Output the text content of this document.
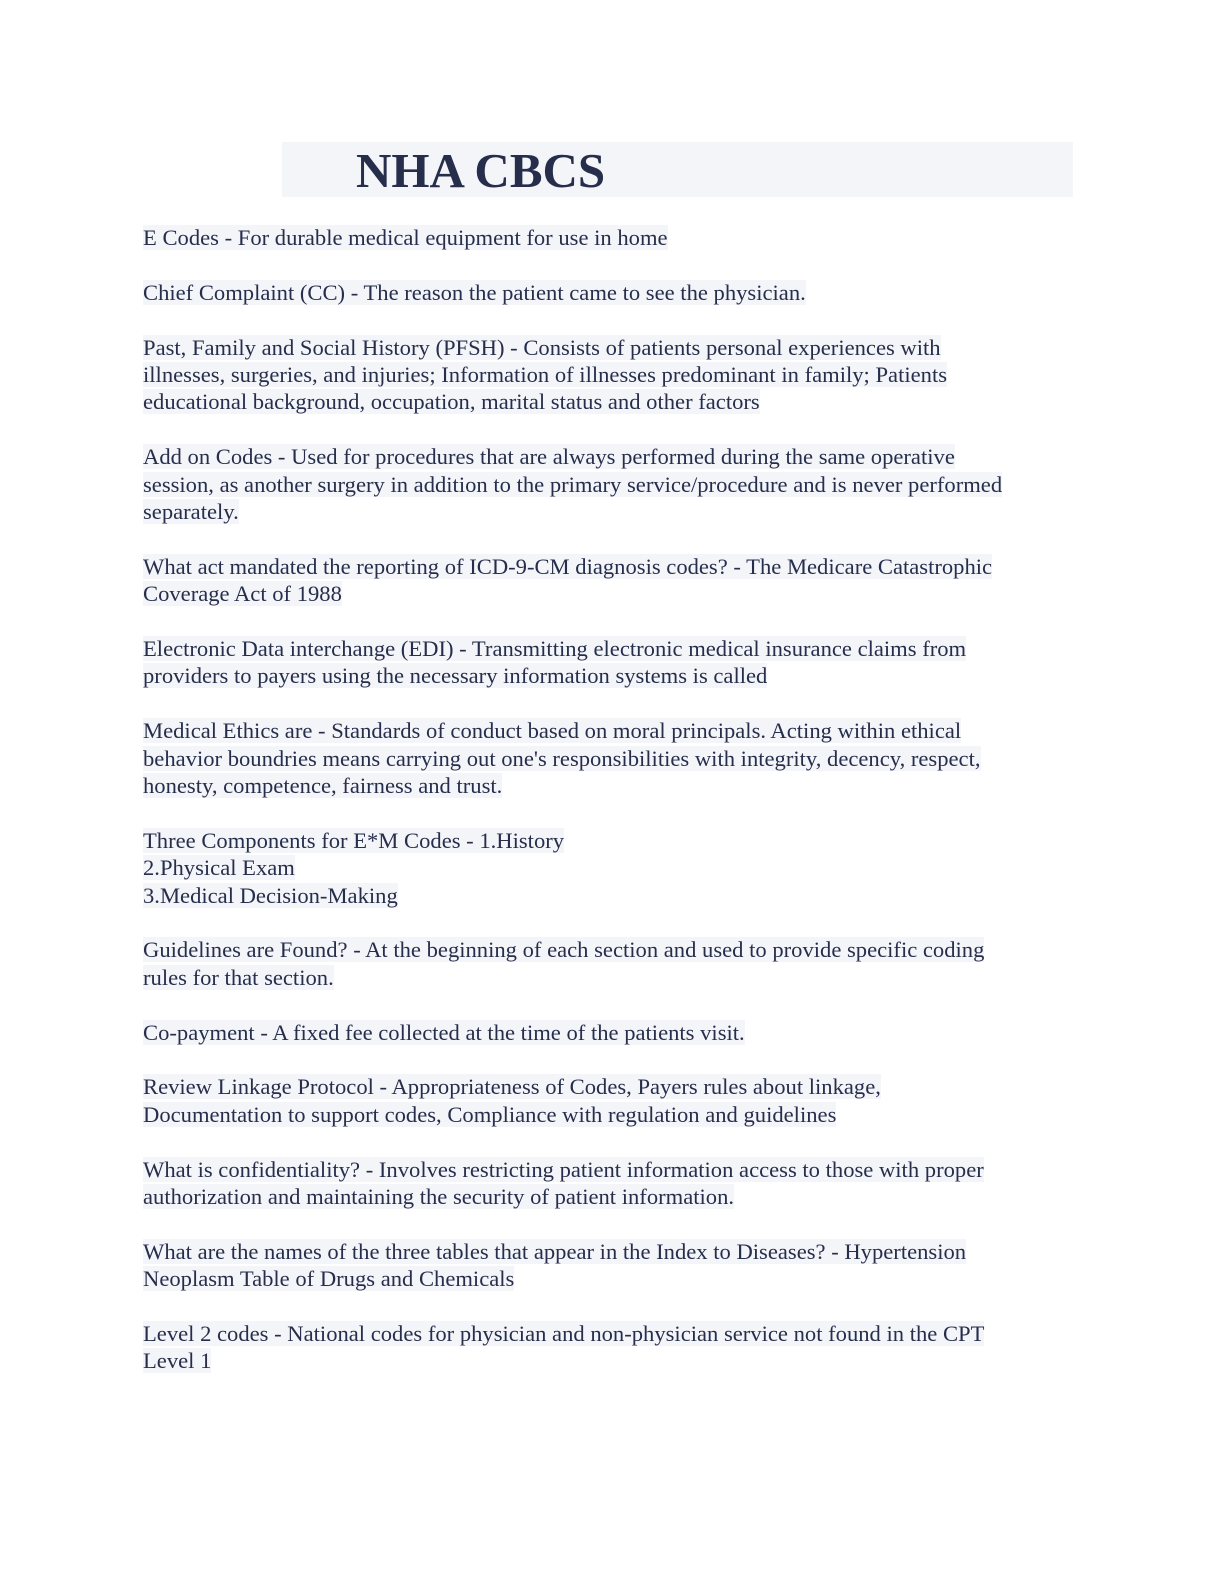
NHA CBCS

E Codes - For durable medical equipment for use in home

Chief Complaint (CC) - The reason the patient came to see the physician.

Past, Family and Social History (PFSH) - Consists of patients personal experiences with
illnesses, surgeries, and injuries; Information of illnesses predominant in family; Patients
educational background, occupation, marital status and other factors

Add on Codes - Used for procedures that are always performed during the same operative
session, as another surgery in addition to the primary service/procedure and is never performed
separately.

What act mandated the reporting of ICD-9-CM diagnosis codes? - The Medicare Catastrophic
Coverage Act of 1988

Electronic Data interchange (EDI) - Transmitting electronic medical insurance claims from
providers to payers using the necessary information systems is called

Medical Ethics are - Standards of conduct based on moral principals. Acting within ethical
behavior boundries means carrying out one's responsibilities with integrity, decency, respect,
honesty, competence, fairness and trust.

Three Components for E*M Codes - 1.History
2.Physical Exam
3.Medical Decision-Making

Guidelines are Found? - At the beginning of each section and used to provide specific coding
rules for that section.

Co-payment - A fixed fee collected at the time of the patients visit.

Review Linkage Protocol - Appropriateness of Codes, Payers rules about linkage,
Documentation to support codes, Compliance with regulation and guidelines

What is confidentiality? - Involves restricting patient information access to those with proper
authorization and maintaining the security of patient information.

What are the names of the three tables that appear in the Index to Diseases? - Hypertension
Neoplasm Table of Drugs and Chemicals

Level 2 codes - National codes for physician and non-physician service not found in the CPT
Level 1
